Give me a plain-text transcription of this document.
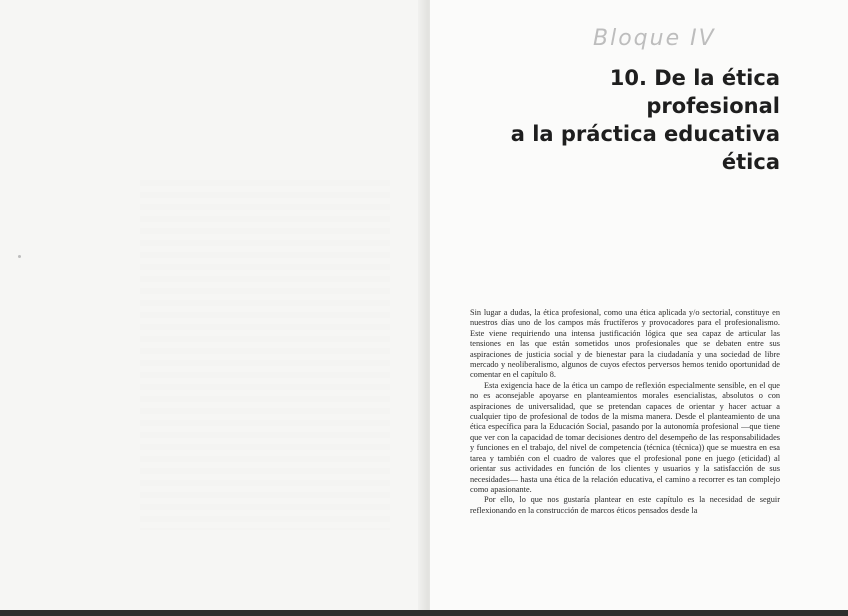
Bloque IV
10. De la ética profesional
a la práctica educativa ética

Sin lugar a dudas, la ética profesional, como una ética aplicada y/o sectorial, constituye en nuestros días uno de los campos más fructíferos y provocadores para el profesionalismo. Este viene requiriendo una intensa justificación lógica que sea capaz de articular las tensiones en las que están sometidos unos profesionales que se debaten entre sus aspiraciones de justicia social y de bienestar para la ciudadanía y una sociedad de libre mercado y neoliberalismo, algunos de cuyos efectos perversos hemos tenido oportunidad de comentar en el capítulo 8.

Esta exigencia hace de la ética un campo de reflexión especialmente sensible, en el que no es aconsejable apoyarse en planteamientos morales esencialistas, absolutos o con aspiraciones de universalidad, que se pretendan capaces de orientar y hacer actuar a cualquier tipo de profesional de todos de la misma manera. Desde el planteamiento de una ética específica para la Educación Social, pasando por la autonomía profesional —que tiene que ver con la capacidad de tomar decisiones dentro del desempeño de las responsabilidades y funciones en el trabajo, del nivel de competencia (técnica (técnica)) que se muestra en esa tarea y también con el cuadro de valores que el profesional pone en juego (eticidad) al orientar sus actividades en función de los clientes y usuarios y la satisfacción de sus necesidades— hasta una ética de la relación educativa, el camino a recorrer es tan complejo como apasionante.

Por ello, lo que nos gustaría plantear en este capítulo es la necesidad de seguir reflexionando en la construcción de marcos éticos pensados desde la
